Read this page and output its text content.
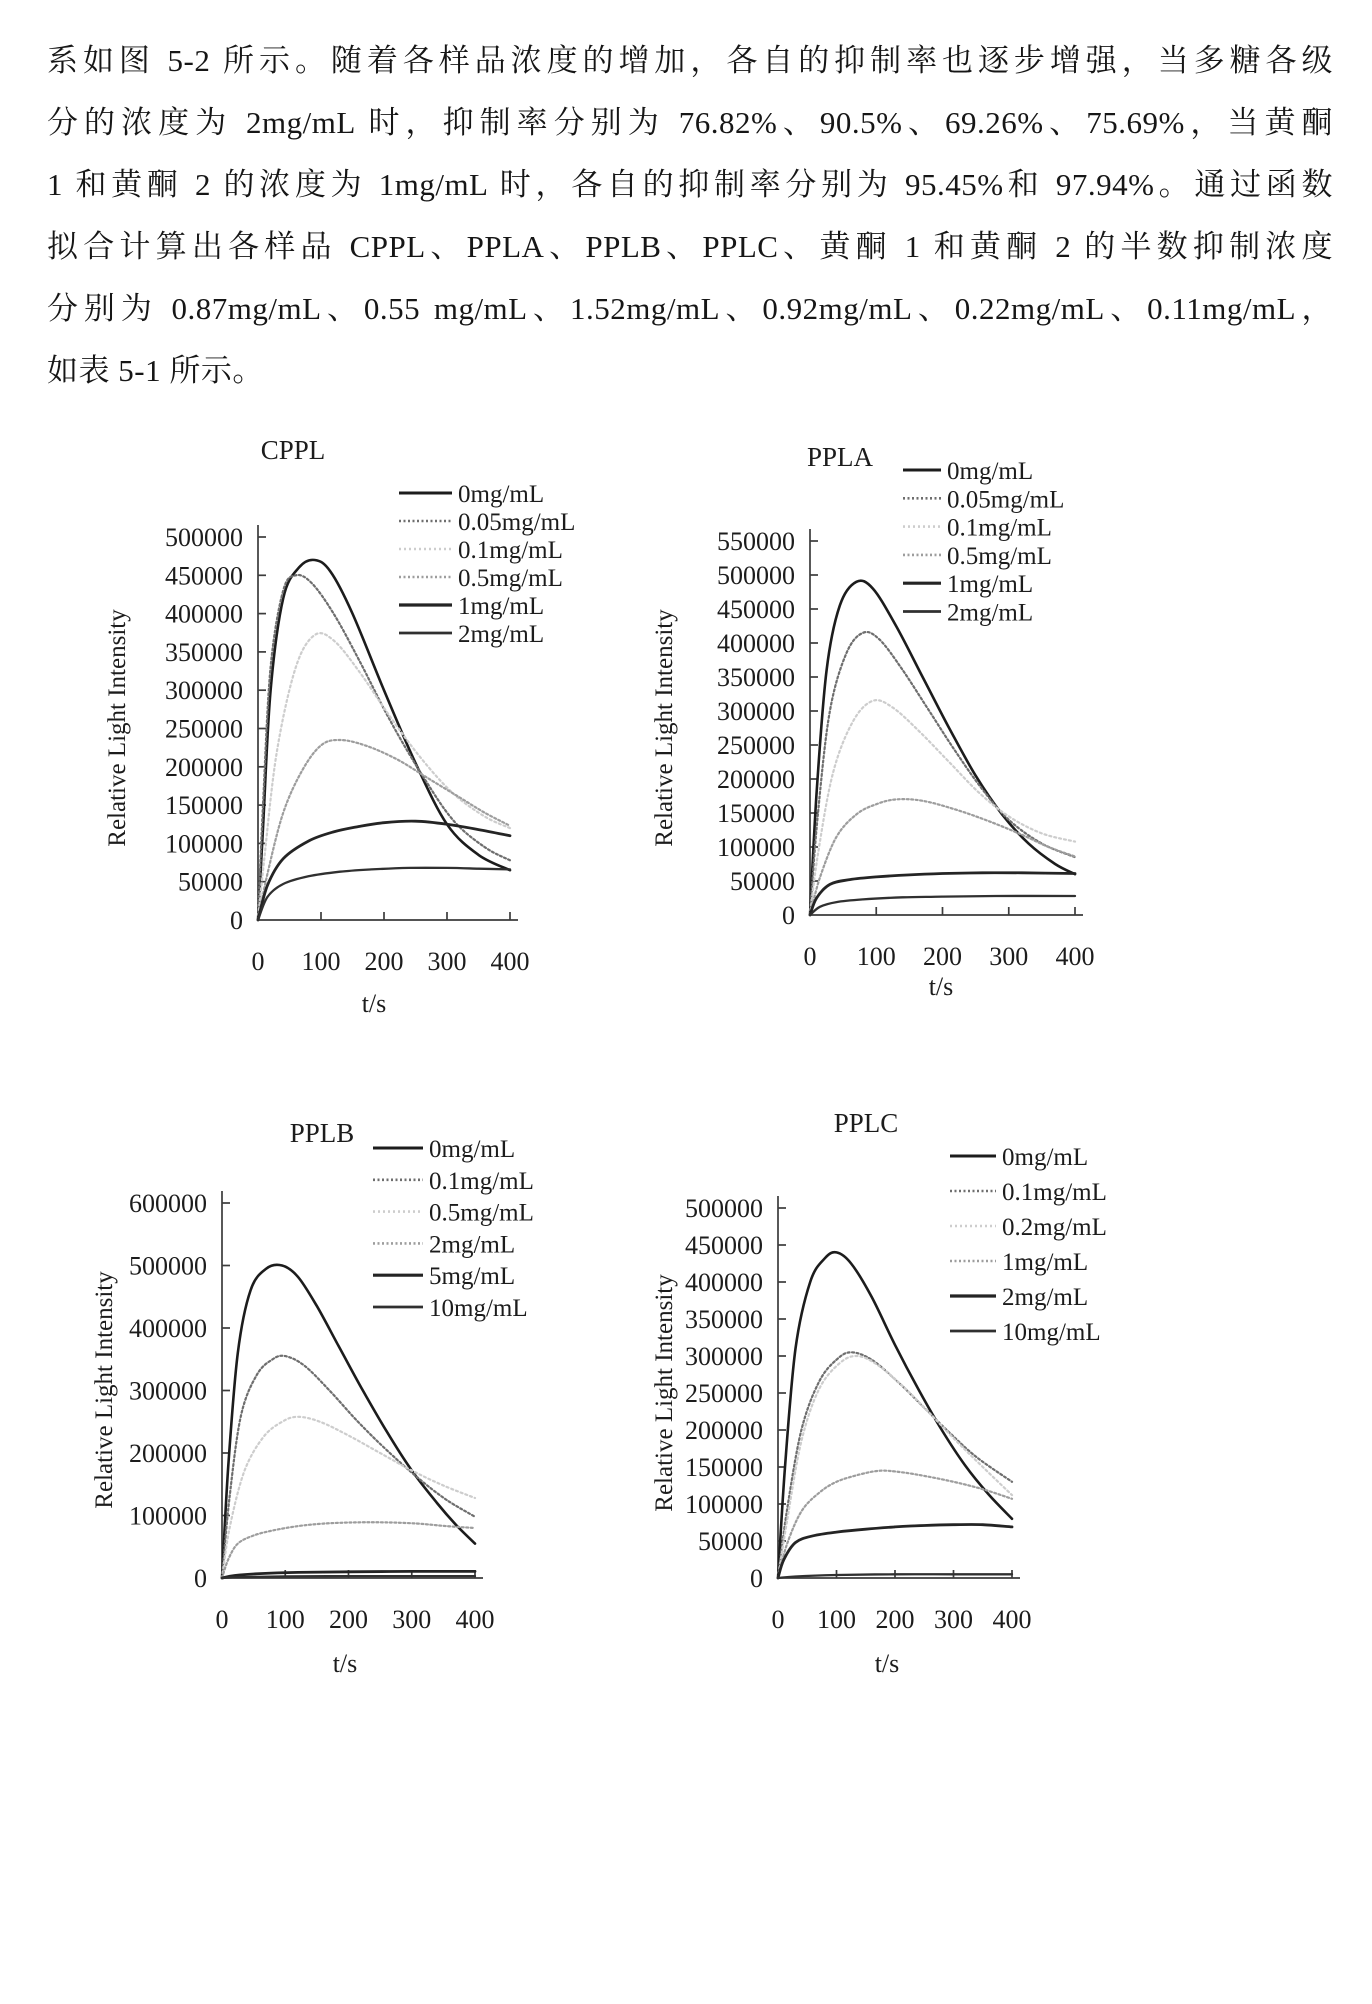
系如图 5-2 所示。随着各样品浓度的增加，各自的抑制率也逐步增强，当多糖各级
分的浓度为 2mg/mL 时，抑制率分别为 76.82%、90.5%、69.26%、75.69%，当黄酮
1 和黄酮 2 的浓度为 1mg/mL 时，各自的抑制率分别为 95.45%和 97.94%。通过函数
拟合计算出各样品 CPPL、PPLA、PPLB、PPLC、黄酮 1 和黄酮 2 的半数抑制浓度
分别为 0.87mg/mL、0.55 mg/mL、1.52mg/mL、0.92mg/mL、0.22mg/mL、0.11mg/mL，
如表 5-1 所示。
0
50000
100000
150000
200000
250000
300000
350000
400000
450000
500000
0 100 200 300 400
CPPL
Relative Light Intensity
t/s
0mg/mL
0.05mg/mL
0.1mg/mL
0.5mg/mL
1mg/mL
2mg/mL
0
50000
100000
150000
200000
250000
300000
350000
400000
450000
500000
550000
0 100 200 300 400
PPLA
Relative Light Intensity
t/s
0mg/mL
0.05mg/mL
0.1mg/mL
0.5mg/mL
1mg/mL
2mg/mL
0
100000
200000
300000
400000
500000
600000
0 100 200 300 400
PPLB
Relative Light Intensity
t/s
0mg/mL
0.1mg/mL
0.5mg/mL
2mg/mL
5mg/mL
10mg/mL
0
50000
100000
150000
200000
250000
300000
350000
400000
450000
500000
0 100 200 300 400
PPLC
Relative Light Intensity
t/s
0mg/mL
0.1mg/mL
0.2mg/mL
1mg/mL
2mg/mL
10mg/mL
